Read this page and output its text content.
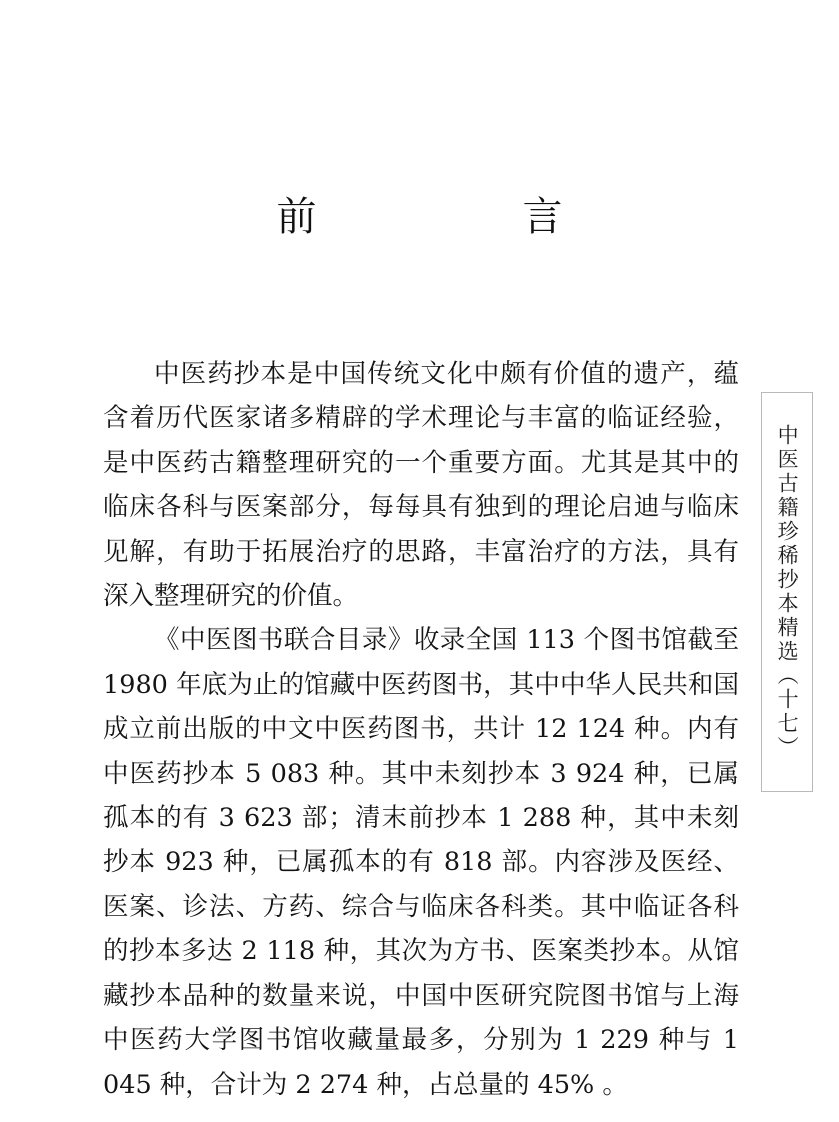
前　　言

中医药抄本是中国传统文化中颇有价值的遗产，蕴含着历代医家诸多精辟的学术理论与丰富的临证经验，是中医药古籍整理研究的一个重要方面。尤其是其中的临床各科与医案部分，每每具有独到的理论启迪与临床见解，有助于拓展治疗的思路，丰富治疗的方法，具有深入整理研究的价值。

《中医图书联合目录》收录全国 113 个图书馆截至 1980 年底为止的馆藏中医药图书，其中中华人民共和国成立前出版的中文中医药图书，共计 12 124 种。内有中医药抄本 5 083 种。其中未刻抄本 3 924 种，已属孤本的有 3 623 部；清末前抄本 1 288 种，其中未刻抄本 923 种，已属孤本的有 818 部。内容涉及医经、医案、诊法、方药、综合与临床各科类。其中临证各科的抄本多达 2 118 种，其次为方书、医案类抄本。从馆藏抄本品种的数量来说，中国中医研究院图书馆与上海中医药大学图书馆收藏量最多，分别为 1 229 种与 1 045 种，合计为 2 274 种，占总量的 45% 。

中医古籍珍稀抄本精选（十七）
